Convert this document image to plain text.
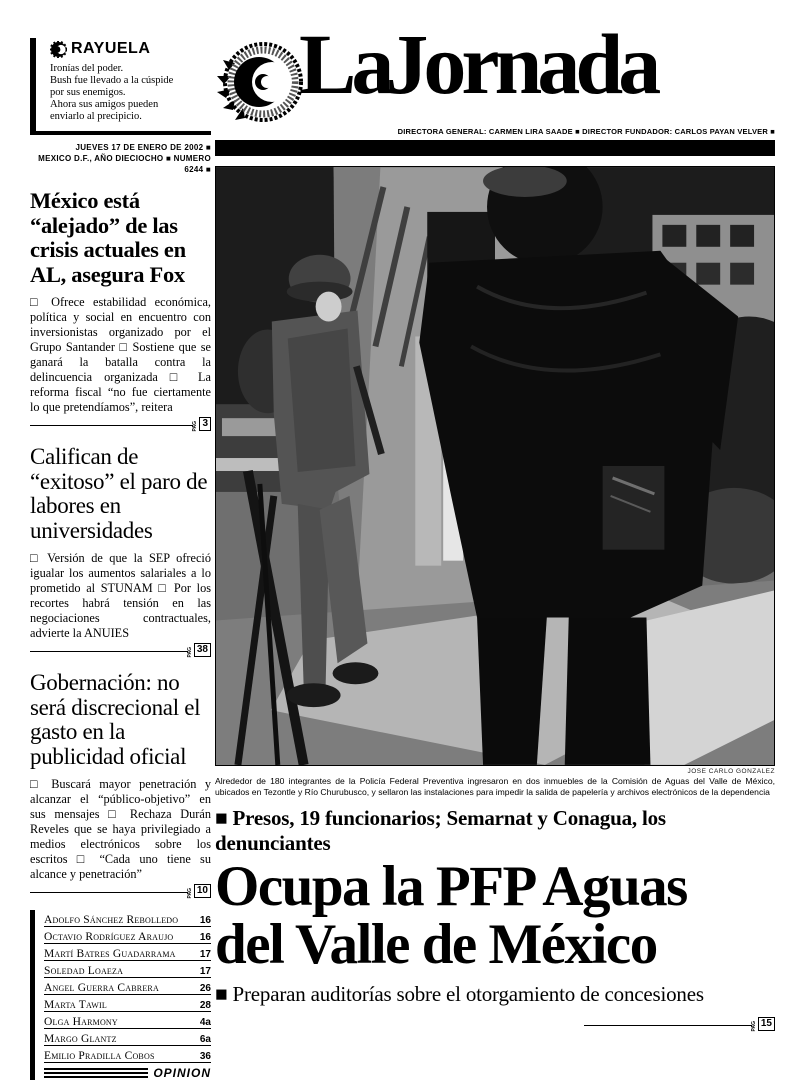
RAYUELA
Ironías del poder.
Bush fue llevado a la cúspide
por sus enemigos.
Ahora sus amigos pueden
enviarlo al precipicio.
JUEVES 17 DE ENERO DE 2002 ■
MEXICO D.F., AÑO DIECIOCHO ■ NUMERO 6244 ■
México está “alejado” de las crisis actuales en AL, asegura Fox
□ Ofrece estabilidad económica, política y social en encuentro con inversionistas organizado por el Grupo Santander □ Sostiene que se ganará la batalla contra la delincuencia organizada □ La reforma fiscal “no fue ciertamente lo que pretendíamos”, reitera
PAG 3
Califican de “exitoso” el paro de labores en universidades
□ Versión de que la SEP ofreció igualar los aumentos salariales a lo prometido al STUNAM □ Por los recortes habrá tensión en las negociaciones contractuales, advierte la ANUIES
PAG 38
Gobernación: no será discrecional el gasto en la publicidad oficial
□ Buscará mayor penetración y alcanzar el “público-objetivo” en sus mensajes □ Rechaza Durán Reveles que se haya privilegiado a medios electrónicos sobre los escritos □ “Cada uno tiene su alcance y penetración”
PAG 10
Adolfo Sánchez Rebolledo 16
Octavio Rodríguez Araujo	16
Martí Batres Guadarrama 17
Soledad Loaeza	17
Angel Guerra Cabrera	26
Marta Tawil	28
Olga Harmony	4a
Margo Glantz	6a
Emilio Pradilla Cobos	36
OPINION
LaJornada
DIRECTORA GENERAL: CARMEN LIRA SAADE ■ DIRECTOR FUNDADOR: CARLOS PAYAN VELVER ■
JOSE CARLO GONZALEZ
Alrededor de 180 integrantes de la Policía Federal Preventiva ingresaron en dos inmuebles de la Comisión de Aguas del Valle de México, ubicados en Tezontle y Río Churubusco, y sellaron las instalaciones para impedir la salida de papelería y archivos electrónicos de la dependencia
■ Presos, 19 funcionarios; Semarnat y Conagua, los denunciantes
Ocupa la PFP Aguas
del Valle de México
■ Preparan auditorías sobre el otorgamiento de concesiones
PAG 15
